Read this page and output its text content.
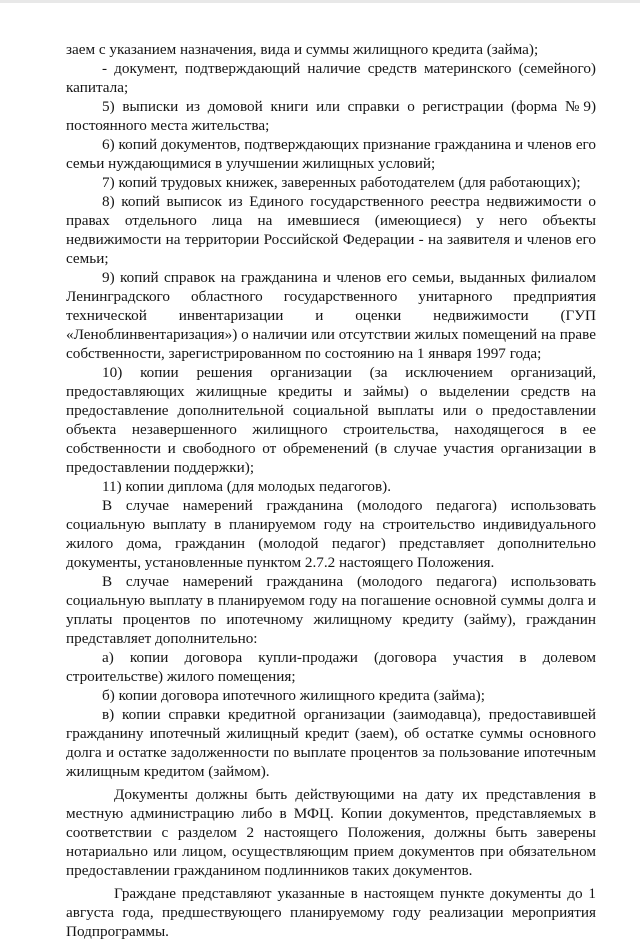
заем с указанием назначения, вида и суммы жилищного кредита (займа);

- документ, подтверждающий наличие средств материнского (семейного) капитала;

5) выписки из домовой книги или справки о регистрации (форма №9) постоянного места жительства;

6) копий документов, подтверждающих признание гражданина и членов его семьи нуждающимися в улучшении жилищных условий;

7) копий трудовых книжек, заверенных работодателем (для работающих);

8) копий выписок из Единого государственного реестра недвижимости о правах отдельного лица на имевшиеся (имеющиеся) у него объекты недвижимости на территории Российской Федерации - на заявителя и членов его семьи;

9) копий справок на гражданина и членов его семьи, выданных филиалом Ленинградского областного государственного унитарного предприятия технической инвентаризации и оценки недвижимости (ГУП «Леноблинвентаризация») о наличии или отсутствии жилых помещений на праве собственности, зарегистрированном по состоянию на 1 января 1997 года;

10) копии решения организации (за исключением организаций, предоставляющих жилищные кредиты и займы) о выделении средств на предоставление дополнительной социальной выплаты или о предоставлении объекта незавершенного жилищного строительства, находящегося в ее собственности и свободного от обременений (в случае участия организации в предоставлении поддержки);

11) копии диплома (для молодых педагогов).

В случае намерений гражданина (молодого педагога) использовать социальную выплату в планируемом году на строительство индивидуального жилого дома, гражданин (молодой педагог) представляет дополнительно документы, установленные пунктом 2.7.2 настоящего Положения.

В случае намерений гражданина (молодого педагога) использовать социальную выплату в планируемом году на погашение основной суммы долга и уплаты процентов по ипотечному жилищному кредиту (займу), гражданин представляет дополнительно:

а) копии договора купли-продажи (договора участия в долевом строительстве) жилого помещения;

б) копии договора ипотечного жилищного кредита (займа);

в) копии справки кредитной организации (заимодавца), предоставившей гражданину ипотечный жилищный кредит (заем), об остатке суммы основного долга и остатке задолженности по выплате процентов за пользование ипотечным жилищным кредитом (займом).

Документы должны быть действующими на дату их представления в местную администрацию либо в МФЦ. Копии документов, представляемых в соответствии с разделом 2 настоящего Положения, должны быть заверены нотариально или лицом, осуществляющим прием документов при обязательном предоставлении гражданином подлинников таких документов.

Граждане представляют указанные в настоящем пункте документы до 1 августа года, предшествующего планируемому году реализации мероприятия Подпрограммы.
